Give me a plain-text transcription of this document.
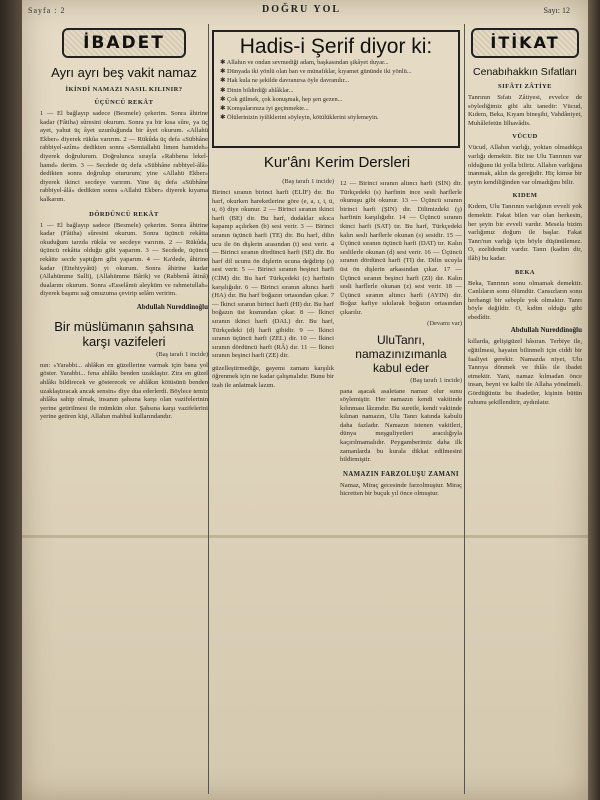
Sayfa : 2	DOĞRU YOL	Sayı: 12
İBADET
Ayrı ayrı beş vakit namaz
İKİNDİ NAMAZI NASIL KILINIR?
ÜÇÜNCÜ REKÂT
1 — El bağlayıp sadece (Besmele) çekerim. Sonra âhirine kadar (Fâtiha) sûresini okurum. Sonra ya bir kısa sûre, ya üç ayet, yahut üç âyet uzunluğunda bir âyet okurum. «Allahü Ekber» diyerek rükûa varırım. 2 — Rükûda üç defa «Sübhâne rabbiyel-azîm» dedikten sonra «Semiallahü limen hamideh» diyerek doğrulurum. Doğrulunca sırayla «Rabbena lekel-hamd» derim. 3 — Secdede üç defa «Sübhâne rabbiyel-âlâ» dedikten sonra doğrulup otururum; yine «Allahü Ekber» diyerek ikinci secdeye varırım. Yine üç defa «Sübhâne rabbiyel-âlâ» dedikten sonra «Allahü Ekber» diyerek kıyama kalkarım.
DÖRDÜNCÜ REKÂT
1 — El bağlayıp sadece (Besmele) çekerim. Sonra âhirine kadar (Fâtiha) sûresini okurum. Sonra üçüncü rekâtta okuduğum tarzda rükûa ve secdeye varırım. 2 — Rükûda, üçüncü rekâtta olduğu gibi yaparım. 3 — Secdede, üçüncü rekâtte secde yaptığım gibi yaparım. 4 — Ka'dede, âhirine kadar (Ettehiyyâtü) yi okurum. Sonra âhirine kadar (Allahümme Salli), (Allahümme Bârik) ve (Rabbenâ âtinâ) dualarını okurum. Sonra «Esselâmü aleyküm ve rahmetullah» diyerek başımı sağ omuzuma çevirip selâm veririm.
Abdullah Nureddinoğlu
Bir müslümanın şahsına karşı vazifeleri
(Baş tarafı 1 incide)
nın: «Yarabbi... ahlâkın en güzellerine varmak için bana yol göster. Yarabbi... fena ahlâkı benden uzaklaştır. Zira en güzel ahlâkı bildirecek ve gösterecek ve ahlâkın kötüsünü benden uzaklaştıracak ancak sensin» diye dua ederlerdi. Böylece temiz ahlâka sahip olmak, insanın şahsına karşı olan vazifelerinin yerine getirilmesi ile mümkün olur. Şahsına karşı vazifelerini yerine getiren kişi, Allahın mahbul kullarındandır.
Hadis-i Şerif diyor ki:
✱ Allahın ve ondan sevmediği adam, başkasından şikâyet duyar...
✱ Dünyada iki yönlü olan ban ve münafıklar, kıyamet gününde iki yönlü...
✱ Hak kula ne şekilde davranırsa öyle davranılır...
✱ Dinin bildirdiği ahlâklar...
✱ Çok gülmek, çok konuşmak, hep şen gezen...
✱ Komşularınıza iyi geçinmekte...
✱ Ölülerinizin iyiliklerini söyleyin, kötülüklerini söylemeyin.
Kur'ânı Kerim Dersleri
(Baş tarafı 1 incide)
Birinci sıranın birinci harfi (ELİF) dır. Bu harf, okurken hareketlerine göre (e, a, ı, i, ü, u, ö) diye okunur. 2 — Birinci sıranın ikinci harfi (BE) dir. Bu harf, dudaklar sıkıca kapanıp açılırken (b) sesi verir. 3 — Birinci sıranın üçüncü harfi (TE) dir. Bu harf, dilin ucu ile ön dişlerin arasından (t) sesi verir. 4 — Birinci sıranın dördüncü harfi (SE) dir. Bu harf dil ucunu ön dişlerin ucuna değdirip (s) sesi verir. 5 — Birinci sıranın beşinci harfi (CİM) dir. Bu harf Türkçedeki (c) harfinin karşılığıdır. 6 — Birinci sıranın altıncı harfi (HA) dır. Bu harf boğazın ortasından çıkar. 7 — İkinci sıranın birinci harfi (HI) dır. Bu harf boğazın üst kısmından çıkar. 8 — İkinci sıranın ikinci harfi (DAL) dır. Bu harf, Türkçedeki (d) harfi gibidir. 9 — İkinci sıranın üçüncü harfi (ZEL) dir. 10 — İkinci sıranın dördüncü harfi (RÂ) dır. 11 — İkinci sıranın beşinci harfi (ZE) dir.
güzelleştirmediğe, gayemı zamanı karşılık öğrenmek için ne kadar çalışmalıdır. Bunu bir izah ile anlatmak lazım.
12 — Birinci sıranın altıncı harfi (SİN) dir. Türkçedeki (s) harfinin ince sesli harflerle okunuşu gibi okunur. 13 — Üçüncü sıranın birinci harfi (ŞIN) dir. Dilimizdeki (ş) harfinin karşılığıdır. 14 — Üçüncü sıranın ikinci harfi (SAT) tır. Bu harf, Türkçedeki kalın sesli harflerle okunan (s) sesidir. 15 — Üçüncü sıranın üçüncü harfi (DAT) tır. Kalın seslilerle okunan (d) sesi verir. 16 — Üçüncü sıranın dördüncü harfi (TI) dır. Dilin ucuyla üst ön dişlerin arkasından çıkar. 17 — Üçüncü sıranın beşinci harfi (ZI) dır. Kalın sesli harflerle okunan (z) sesi verir. 18 — Üçüncü sıranın altıncı harfi (AYIN) dır. Boğaz kafiye sıkılarak boğazın ortasından çıkarılır.
(Devamı var)
UluTanrı, namazınızımanla kabul eder
(Baş tarafı 1 incide)
pana aşacak asaletane namaz olur sunu söylemiştir. Her namazın kendi vakitinde kılınması lâzımdır. Bu suretle, kendi vaktinde kılınan namazın, Ulu Tanrı katında kabulü daha fazladır. Namazın istenen vakitleri, dünya meşguliyetleri aracılığıyla kaçırılmamalıdır. Peygamberimiz daha ilk zamanlarda bu kurala dikkat edilmesini bildirmiştir.
NAMAZIN FARZOLUŞU ZAMANI
Namaz, Miraç gecesinde farzolmuştur. Miraç hicretten bir buçuk yıl önce olmuştur.
İTİKAT
Cenabıhakkın Sıfatları
SIFÂTI ZÂTİYE
Tanrının Sıfatı Zâtiyesi, evvelce de söylediğimiz gibi altı tanedir: Vücud, Kıdem, Beka, Kıyam bineşihi, Vahdâniyet, Muhâlefetün lilhavâdis.
VÜCUD
Vücud, Allahın varlığı, yoktan olmadıkça varlığı demektir. Biz ise Ulu Tanrının var olduğunu iki yolla biliriz. Allahın varlığına inanmak, aklın da gereğidir. Hiç kimse bir şeyin kendiliğinden var olmadığını bilir.
KIDEM
Kıdem, Ulu Tanrının varlığının evveli yok demektir. Fakat bilen var olan herkesin, her şeyin bir evveli vardır. Mesela bizim varlığımız doğum ile başlar. Fakat Tanrı'nın varlığı için böyle düşünülemez. O, ezelidendir vardır. Tanrı (kadim dir, ilâh) bu kadar.
BEKA
Beka, Tanrının sonu olmamak demektir. Canlıların sonu ölümdür. Cansızların sonu herhangi bir sebeple yok olmaktır. Tanrı böyle değildir. O, kıdim olduğu gibi ebedîdir.
Abdullah Nureddinoğlu
kıllarda, gelişigüzel hâsıran. Terbiye ile, eğitilmesi, hayatın bilinmeli için ciddi bir faaliyet gerekir. Namazda niyet, Ulu Tanrıya dönmek ve ihlâs ile ibadet etmektir. Yani, namaz kılmadan önce insan, beyni ve kalbi ile Allaha yönelmeli. Gördüğünüz bu ibadetler, kişinin bütün ruhunu şekillendirir, aydınlatır.
